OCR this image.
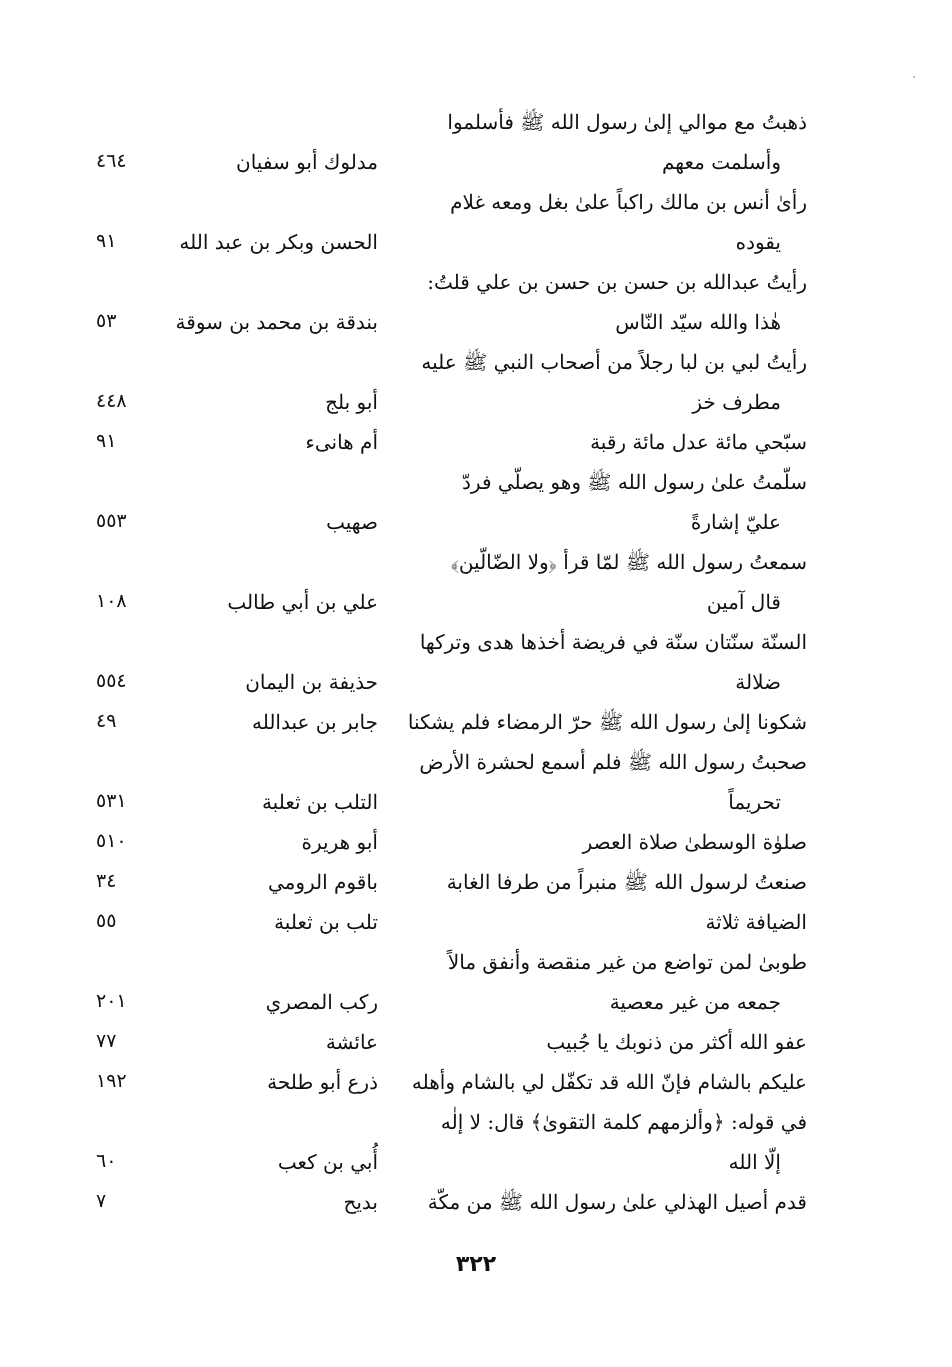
ذهبتُ مع موالي إلىٰ رسول الله ﷺ فأسلموا
وأسلمت معهم
مدلوك أبو سفيان
٤٦٤
رأىٰ أنس بن مالك راكباً علىٰ بغل ومعه غلام
يقوده
الحسن وبكر بن عبد الله
٩١
رأيتُ عبدالله بن حسن بن حسن بن علي قلتُ:
هٰذا والله سيّد النّاس
بندقة بن محمد بن سوقة
٥٣
رأيتُ لبي بن لبا رجلاً من أصحاب النبي ﷺ عليه
مطرف خز
أبو بلج
٤٤٨
سبّحي مائة عدل مائة رقبة
أم هانىء
٩١
سلّمتُ علىٰ رسول الله ﷺ وهو يصلّي فردّ
عليّ إشارةً
صهيب
٥٥٣
سمعتُ رسول الله ﷺ لمّا قرأ ﴿ولا الضّالّين﴾
قال آمين
علي بن أبي طالب
١٠٨
السنّة سنّتان سنّة في فريضة أخذها هدى وتركها
ضلالة
حذيفة بن اليمان
٥٥٤
شكونا إلىٰ رسول الله ﷺ حرّ الرمضاء فلم يشكنا
جابر بن عبدالله
٤٩
صحبتُ رسول الله ﷺ فلم أسمع لحشرة الأرض
تحريماً
التلب بن ثعلبة
٥٣١
صلوٰة الوسطىٰ صلاة العصر
أبو هريرة
٥١٠
صنعتُ لرسول الله ﷺ منبراً من طرفا الغابة
باقوم الرومي
٣٤
الضيافة ثلاثة
تلب بن ثعلبة
٥٥
طوبىٰ لمن تواضع من غير منقصة وأنفق مالاً
جمعه من غير معصية
ركب المصري
٢٠١
عفو الله أكثر من ذنوبك يا جُبيب
عائشة
٧٧
عليكم بالشام فإنّ الله قد تكفّل لي بالشام وأهله
ذرع أبو طلحة
١٩٢
في قوله: ﴿وألزمهم كلمة التقوىٰ﴾ قال: لا إلٰه
إلّا الله
أُبي بن كعب
٦٠
قدم أصيل الهذلي علىٰ رسول الله ﷺ من مكّة
بديح
٧
٣٢٢
